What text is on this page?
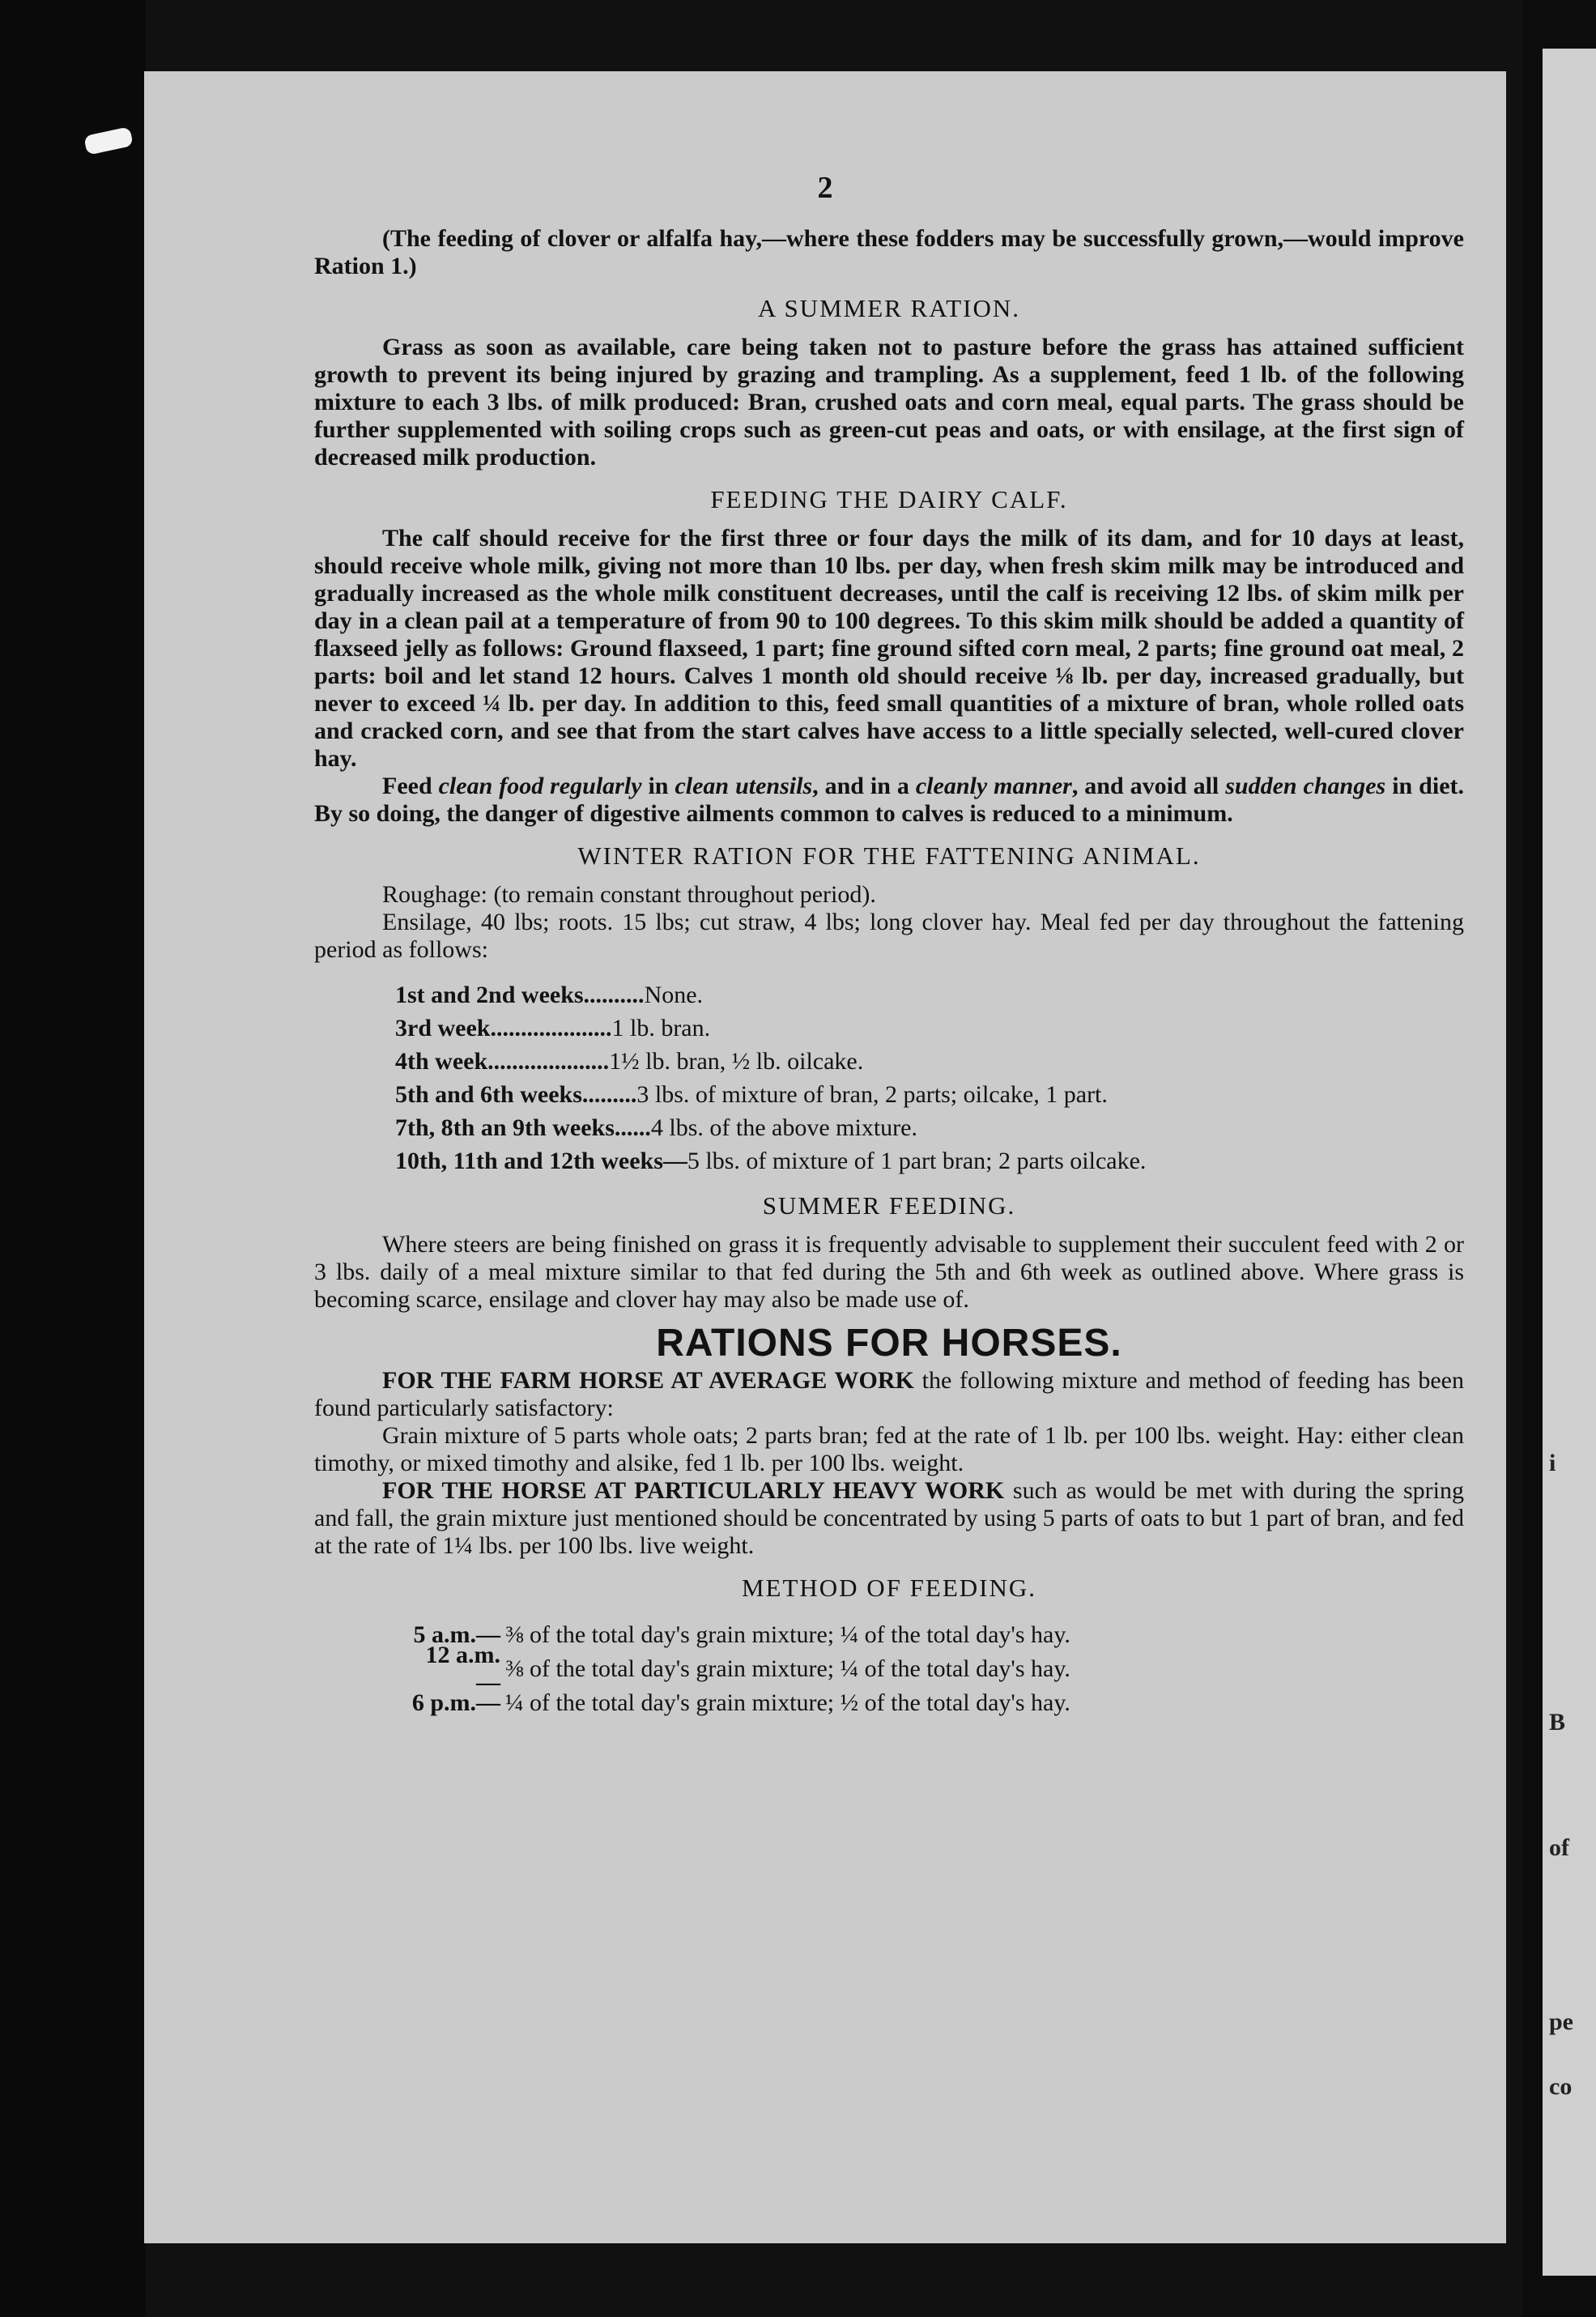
i
B
of
pe
co
2

(The feeding of clover or alfalfa hay,—where these fodders may be successfully grown,—would improve Ration 1.)

A SUMMER RATION.

Grass as soon as available, care being taken not to pasture before the grass has attained sufficient growth to prevent its being injured by grazing and trampling. As a supplement, feed 1 lb. of the following mixture to each 3 lbs. of milk produced: Bran, crushed oats and corn meal, equal parts. The grass should be further supplemented with soiling crops such as green-cut peas and oats, or with ensilage, at the first sign of decreased milk production.

FEEDING THE DAIRY CALF.

The calf should receive for the first three or four days the milk of its dam, and for 10 days at least, should receive whole milk, giving not more than 10 lbs. per day, when fresh skim milk may be introduced and gradually increased as the whole milk constituent decreases, until the calf is receiving 12 lbs. of skim milk per day in a clean pail at a temperature of from 90 to 100 degrees. To this skim milk should be added a quantity of flaxseed jelly as follows: Ground flaxseed, 1 part; fine ground sifted corn meal, 2 parts; fine ground oat meal, 2 parts: boil and let stand 12 hours. Calves 1 month old should receive ⅛ lb. per day, increased gradually, but never to exceed ¼ lb. per day. In addition to this, feed small quantities of a mixture of bran, whole rolled oats and cracked corn, and see that from the start calves have access to a little specially selected, well-cured clover hay.

Feed clean food regularly in clean utensils, and in a cleanly manner, and avoid all sudden changes in diet. By so doing, the danger of digestive ailments common to calves is reduced to a minimum.

WINTER RATION FOR THE FATTENING ANIMAL.

Roughage: (to remain constant throughout period).

Ensilage, 40 lbs; roots. 15 lbs; cut straw, 4 lbs; long clover hay. Meal fed per day throughout the fattening period as follows:

1st and 2nd weeks.......... None.
3rd week.................... 1 lb. bran.
4th week.................... 1½ lb. bran, ½ lb. oilcake.
5th and 6th weeks......... 3 lbs. of mixture of bran, 2 parts; oilcake, 1 part.
7th, 8th an 9th weeks...... 4 lbs. of the above mixture.
10th, 11th and 12th weeks— 5 lbs. of mixture of 1 part bran; 2 parts oilcake.
SUMMER FEEDING.

Where steers are being finished on grass it is frequently advisable to supplement their succulent feed with 2 or 3 lbs. daily of a meal mixture similar to that fed during the 5th and 6th week as outlined above. Where grass is becoming scarce, ensilage and clover hay may also be made use of.

RATIONS FOR HORSES.

FOR THE FARM HORSE AT AVERAGE WORK the following mixture and method of feeding has been found particularly satisfactory:

Grain mixture of 5 parts whole oats; 2 parts bran; fed at the rate of 1 lb. per 100 lbs. weight. Hay: either clean timothy, or mixed timothy and alsike, fed 1 lb. per 100 lbs. weight.

FOR THE HORSE AT PARTICULARLY HEAVY WORK such as would be met with during the spring and fall, the grain mixture just mentioned should be concentrated by using 5 parts of oats to but 1 part of bran, and fed at the rate of 1¼ lbs. per 100 lbs. live weight.

METHOD OF FEEDING.
5 a.m.— ⅜ of the total day's grain mixture; ¼ of the total day's hay.
12 a.m.—
⅜ of the total day's grain mixture; ¼ of the total day's hay.
6 p.m.— ¼ of the total day's grain mixture; ½ of the total day's hay.
